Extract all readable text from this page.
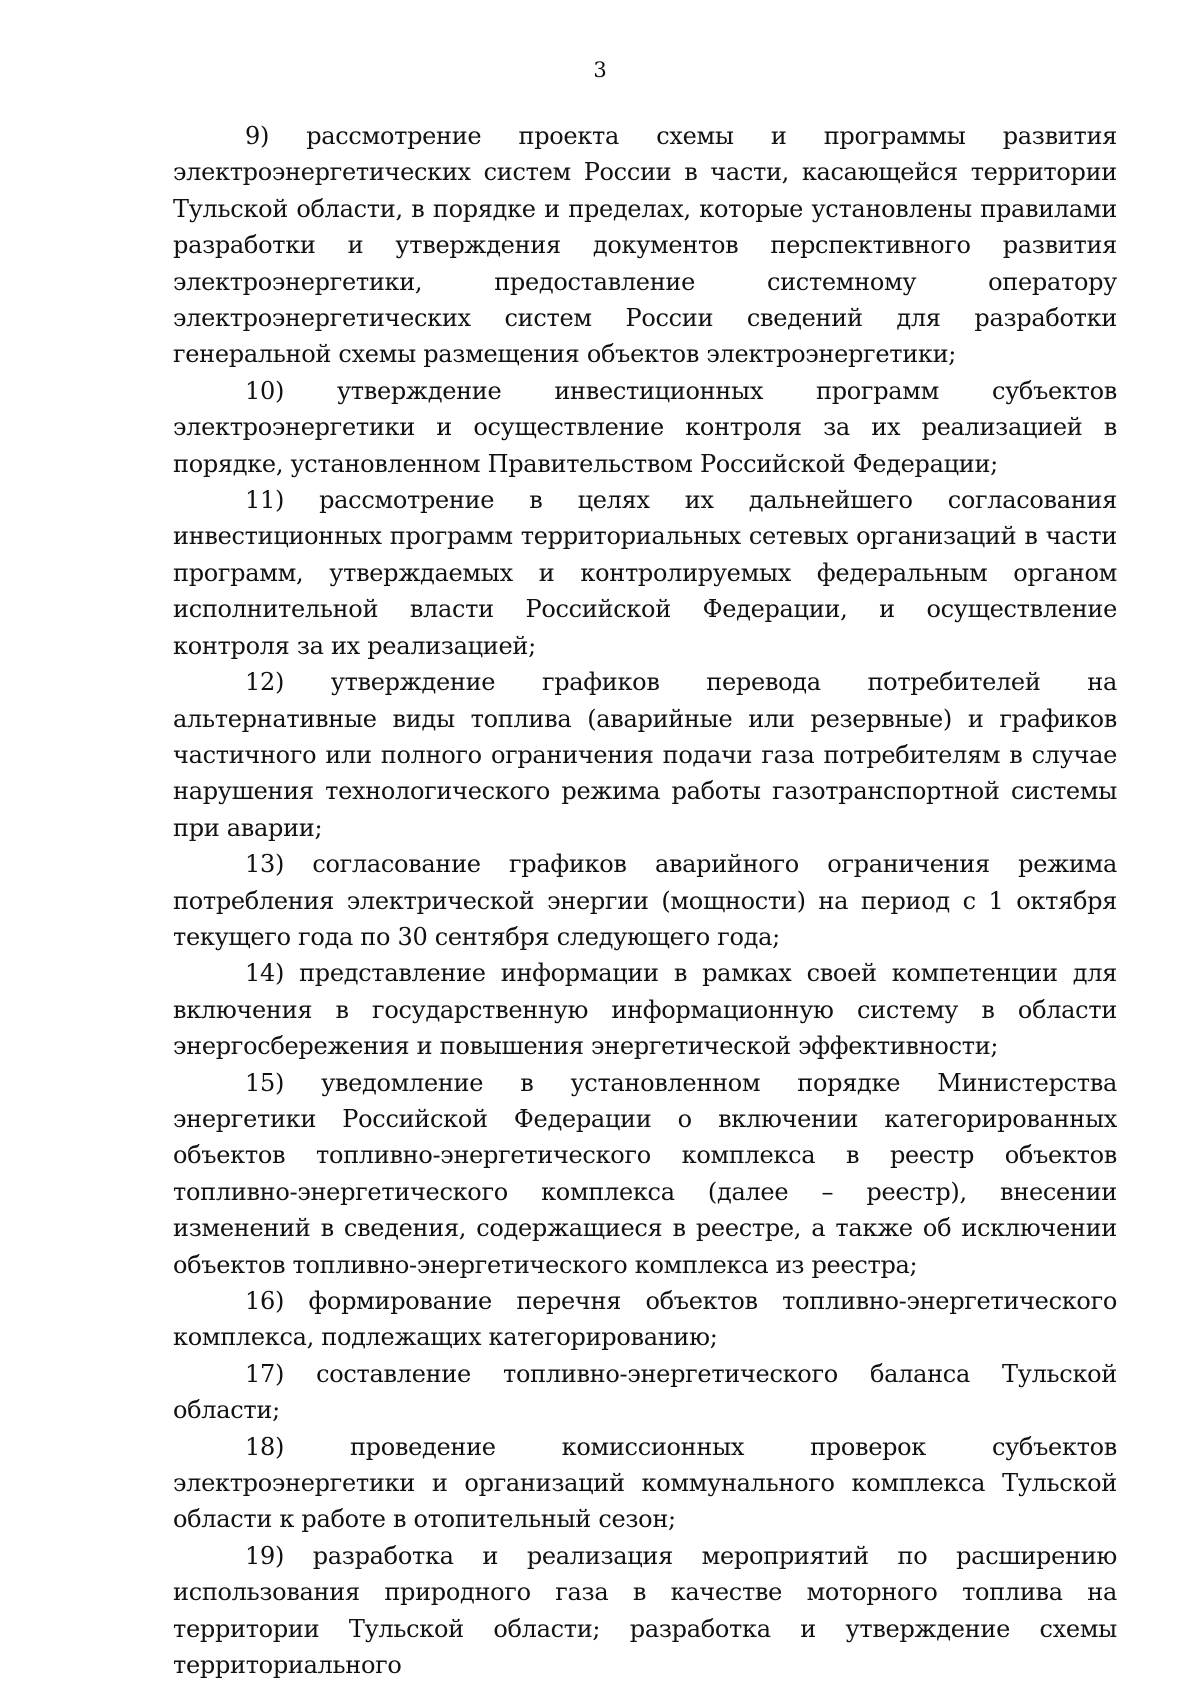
3

9) рассмотрение проекта схемы и программы развития электроэнергетических систем России в части, касающейся территории Тульской области, в порядке и пределах, которые установлены правилами разработки и утверждения документов перспективного развития электроэнергетики, предоставление системному оператору электроэнергетических систем России сведений для разработки генеральной схемы размещения объектов электроэнергетики;

10) утверждение инвестиционных программ субъектов электроэнергетики и осуществление контроля за их реализацией в порядке, установленном Правительством Российской Федерации;

11) рассмотрение в целях их дальнейшего согласования инвестиционных программ территориальных сетевых организаций в части программ, утверждаемых и контролируемых федеральным органом исполнительной власти Российской Федерации, и осуществление контроля за их реализацией;

12) утверждение графиков перевода потребителей на альтернативные виды топлива (аварийные или резервные) и графиков частичного или полного ограничения подачи газа потребителям в случае нарушения технологического режима работы газотранспортной системы при аварии;

13) согласование графиков аварийного ограничения режима потребления электрической энергии (мощности) на период с 1 октября текущего года по 30 сентября следующего года;

14) представление информации в рамках своей компетенции для включения в государственную информационную систему в области энергосбережения и повышения энергетической эффективности;

15) уведомление в установленном порядке Министерства энергетики Российской Федерации о включении категорированных объектов топливно-энергетического комплекса в реестр объектов топливно-энергетического комплекса (далее – реестр), внесении изменений в сведения, содержащиеся в реестре, а также об исключении объектов топливно-энергетического комплекса из реестра;

16) формирование перечня объектов топливно-энергетического комплекса, подлежащих категорированию;

17) составление топливно-энергетического баланса Тульской области;

18) проведение комиссионных проверок субъектов электроэнергетики и организаций коммунального комплекса Тульской области к работе в отопительный сезон;

19) разработка и реализация мероприятий по расширению использования природного газа в качестве моторного топлива на территории Тульской области; разработка и утверждение схемы территориального
